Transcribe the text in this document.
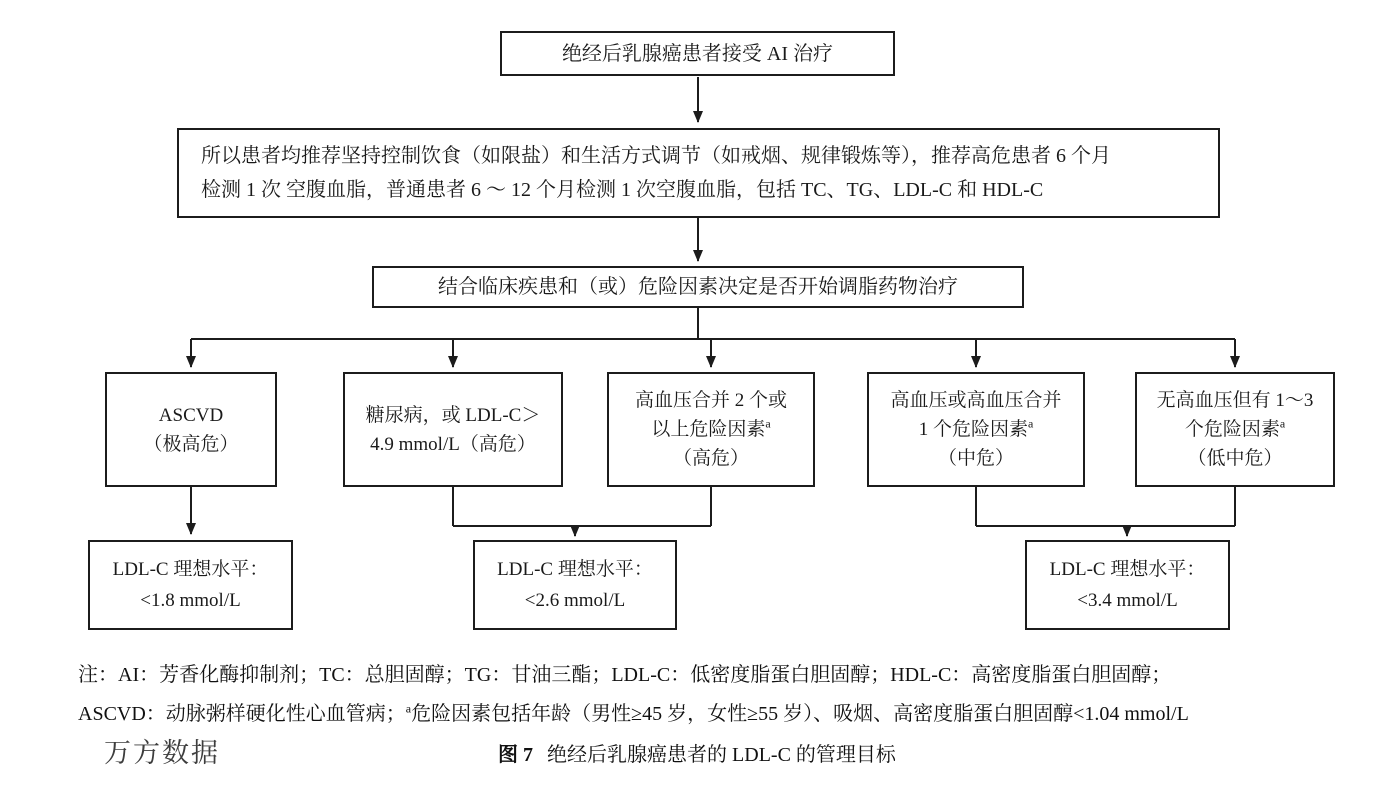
绝经后乳腺癌患者接受 AI 治疗
所以患者均推荐坚持控制饮食（如限盐）和生活方式调节（如戒烟、规律锻炼等），推荐高危患者 6 个月
检测 1 次 空腹血脂，普通患者 6 ～ 12 个月检测 1 次空腹血脂，包括 TC、TG、LDL-C 和 HDL-C
结合临床疾患和（或）危险因素决定是否开始调脂药物治疗
ASCVD
（极高危）
糖尿病，或 LDL-C＞
4.9 mmol/L（高危）
高血压合并 2 个或
以上危险因素$^a$
（高危）
高血压或高血压合并
1 个危险因素$^a$
（中危）
无高血压但有 1～3
个危险因素$^a$
（低中危）
LDL-C 理想水平：
<1.8 mmol/L
LDL-C 理想水平：
<2.6 mmol/L
LDL-C 理想水平：
<3.4 mmol/L
注：AI：芳香化酶抑制剂；TC：总胆固醇；TG：甘油三酯；LDL-C：低密度脂蛋白胆固醇；HDL-C：高密度脂蛋白胆固醇；
ASCVD：动脉粥样硬化性心血管病；$^a$危险因素包括年龄（男性≥45 岁，女性≥55 岁）、吸烟、高密度脂蛋白胆固醇<1.04 mmol/L
万方数据	图 7 绝经后乳腺癌患者的 LDL-C 的管理目标
